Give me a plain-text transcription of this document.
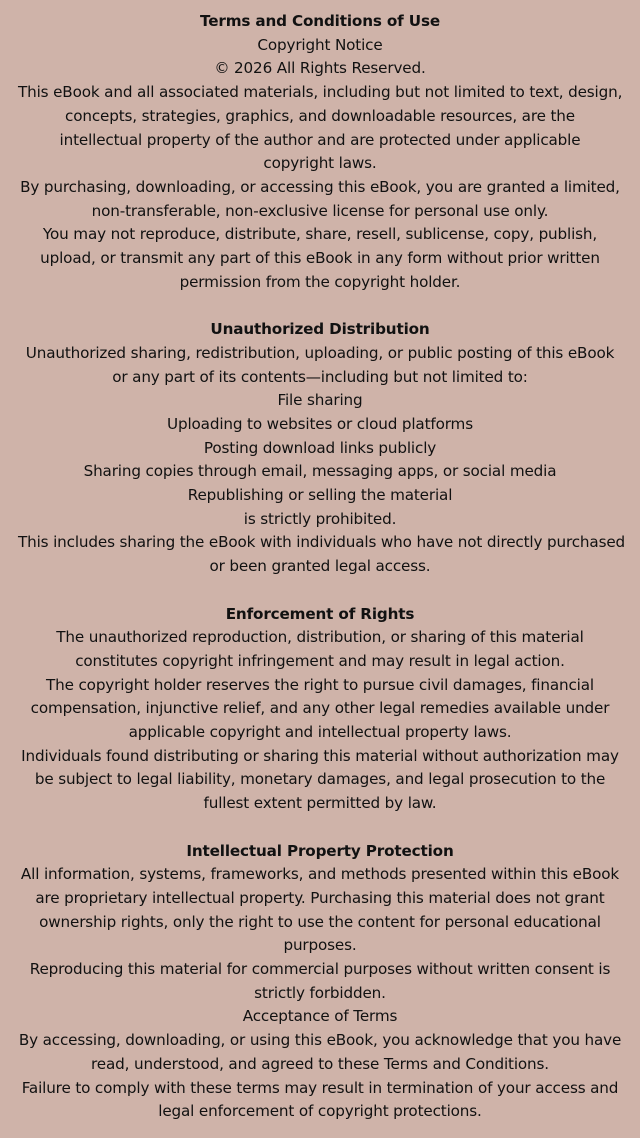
Terms and Conditions of Use
Copyright Notice
© 2026 All Rights Reserved.
This eBook and all associated materials, including but not limited to text, design,
concepts, strategies, graphics, and downloadable resources, are the
intellectual property of the author and are protected under applicable
copyright laws.
By purchasing, downloading, or accessing this eBook, you are granted a limited,
non-transferable, non-exclusive license for personal use only.
You may not reproduce, distribute, share, resell, sublicense, copy, publish,
upload, or transmit any part of this eBook in any form without prior written
permission from the copyright holder.
Unauthorized Distribution
Unauthorized sharing, redistribution, uploading, or public posting of this eBook
or any part of its contents—including but not limited to:
File sharing
Uploading to websites or cloud platforms
Posting download links publicly
Sharing copies through email, messaging apps, or social media
Republishing or selling the material
is strictly prohibited.
This includes sharing the eBook with individuals who have not directly purchased
or been granted legal access.
Enforcement of Rights
The unauthorized reproduction, distribution, or sharing of this material
constitutes copyright infringement and may result in legal action.
The copyright holder reserves the right to pursue civil damages, financial
compensation, injunctive relief, and any other legal remedies available under
applicable copyright and intellectual property laws.
Individuals found distributing or sharing this material without authorization may
be subject to legal liability, monetary damages, and legal prosecution to the
fullest extent permitted by law.
Intellectual Property Protection
All information, systems, frameworks, and methods presented within this eBook
are proprietary intellectual property. Purchasing this material does not grant
ownership rights, only the right to use the content for personal educational
purposes.
Reproducing this material for commercial purposes without written consent is
strictly forbidden.
Acceptance of Terms
By accessing, downloading, or using this eBook, you acknowledge that you have
read, understood, and agreed to these Terms and Conditions.
Failure to comply with these terms may result in termination of your access and
legal enforcement of copyright protections.
